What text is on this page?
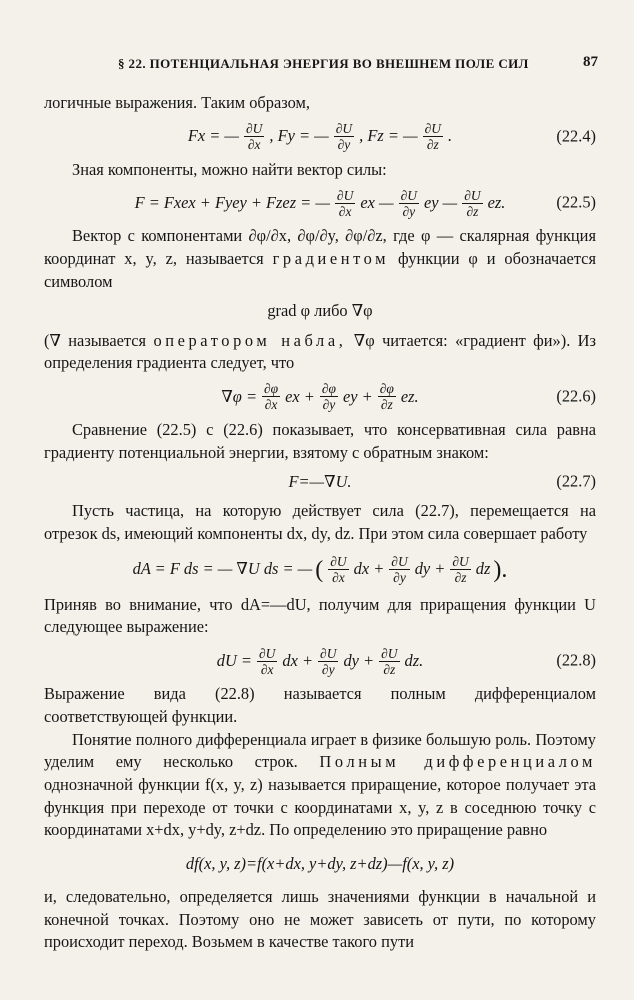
§ 22. ПОТЕНЦИАЛЬНАЯ ЭНЕРГИЯ ВО ВНЕШНЕМ ПОЛЕ СИЛ	87

логичные выражения. Таким образом,

Fx = — $\frac{\partial U}{\partial x}$ , Fy = — $\frac{\partial U}{\partial y}$ , Fz = — $\frac{\partial U}{\partial z}$ .	(22.4)

Зная компоненты, можно найти вектор силы:

F = Fxex + Fyey + Fzez = — $\frac{\partial U}{\partial x}$ ex — $\frac{\partial U}{\partial y}$ ey — $\frac{\partial U}{\partial z}$ ez.	(22.5)

Вектор с компонентами ∂φ/∂x, ∂φ/∂y, ∂φ/∂z, где φ — скалярная функция координат x, y, z, называется градиентом функции φ и обозначается символом

grad φ либо ∇φ

(∇ называется оператором набла, ∇φ читается: «градиент фи»). Из определения градиента следует, что

$\nabla\varphi = \frac{\partial\varphi}{\partial x}$ ex + $\frac{\partial\varphi}{\partial y}$ ey + $\frac{\partial\varphi}{\partial z}$ ez.	(22.6)

Сравнение (22.5) с (22.6) показывает, что консервативная сила равна градиенту потенциальной энергии, взятому с обратным знаком:

F=—∇U.	(22.7)

Пусть частица, на которую действует сила (22.7), перемещается на отрезок ds, имеющий компоненты dx, dy, dz. При этом сила совершает работу

dA = F ds = — ∇U ds = — ( $\frac{\partial U}{\partial x}$ dx + $\frac{\partial U}{\partial y}$ dy + $\frac{\partial U}{\partial z}$ dz ).

Приняв во внимание, что dA=—dU, получим для приращения функции U следующее выражение:

dU = $\frac{\partial U}{\partial x}$ dx + $\frac{\partial U}{\partial y}$ dy + $\frac{\partial U}{\partial z}$ dz.	(22.8)

Выражение вида (22.8) называется полным дифференциалом соответствующей функции.

Понятие полного дифференциала играет в физике большую роль. Поэтому уделим ему несколько строк. Полным дифференциалом однозначной функции f(x, y, z) называется приращение, которое получает эта функция при переходе от точки с координатами x, y, z в соседнюю точку с координатами x+dx, y+dy, z+dz. По определению это приращение равно

df(x, y, z)=f(x+dx, y+dy, z+dz)—f(x, y, z)

и, следовательно, определяется лишь значениями функции в начальной и конечной точках. Поэтому оно не может зависеть от пути, по которому происходит переход. Возьмем в качестве такого пути
